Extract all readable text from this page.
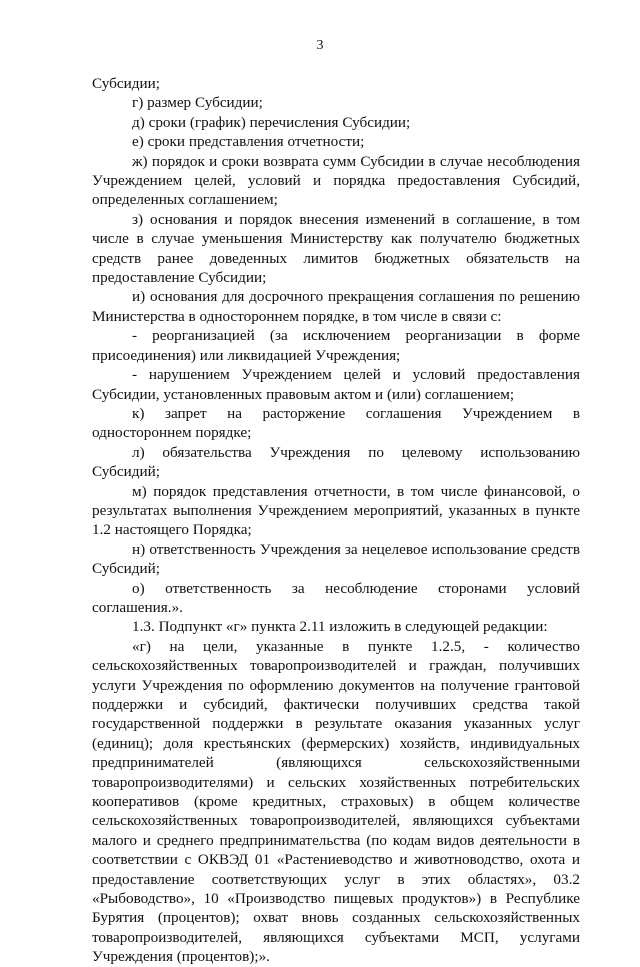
3

Субсидии;

г) размер Субсидии;

д) сроки (график) перечисления Субсидии;

е) сроки представления отчетности;

ж) порядок и сроки возврата сумм Субсидии в случае несоблюдения Учреждением целей, условий и порядка предоставления Субсидий, определенных соглашением;

з) основания и порядок внесения изменений в соглашение, в том числе в случае уменьшения Министерству как получателю бюджетных средств ранее доведенных лимитов бюджетных обязательств на предоставление Субсидии;

и) основания для досрочного прекращения соглашения по решению Министерства в одностороннем порядке, в том числе в связи с:

- реорганизацией (за исключением реорганизации в форме присоединения) или ликвидацией Учреждения;

- нарушением Учреждением целей и условий предоставления Субсидии, установленных правовым актом и (или) соглашением;

к) запрет на расторжение соглашения Учреждением в одностороннем порядке;

л) обязательства Учреждения по целевому использованию Субсидий;

м) порядок представления отчетности, в том числе финансовой, о результатах выполнения Учреждением мероприятий, указанных в пункте 1.2 настоящего Порядка;

н) ответственность Учреждения за нецелевое использование средств Субсидий;

о) ответственность за несоблюдение сторонами условий соглашения.».

1.3. Подпункт «г» пункта 2.11 изложить в следующей редакции:

«г) на цели, указанные в пункте 1.2.5, - количество сельскохозяйственных товаропроизводителей и граждан, получивших услуги Учреждения по оформлению документов на получение грантовой поддержки и субсидий, фактически получивших средства такой государственной поддержки в результате оказания указанных услуг (единиц); доля крестьянских (фермерских) хозяйств, индивидуальных предпринимателей (являющихся сельскохозяйственными товаропроизводителями) и сельских хозяйственных потребительских кооперативов (кроме кредитных, страховых) в общем количестве сельскохозяйственных товаропроизводителей, являющихся субъектами малого и среднего предпринимательства (по кодам видов деятельности в соответствии с ОКВЭД 01 «Растениеводство и животноводство, охота и предоставление соответствующих услуг в этих областях», 03.2 «Рыбоводство», 10 «Производство пищевых продуктов») в Республике Бурятия (процентов); охват вновь созданных сельскохозяйственных товаропроизводителей, являющихся субъектами МСП, услугами Учреждения (процентов);».
